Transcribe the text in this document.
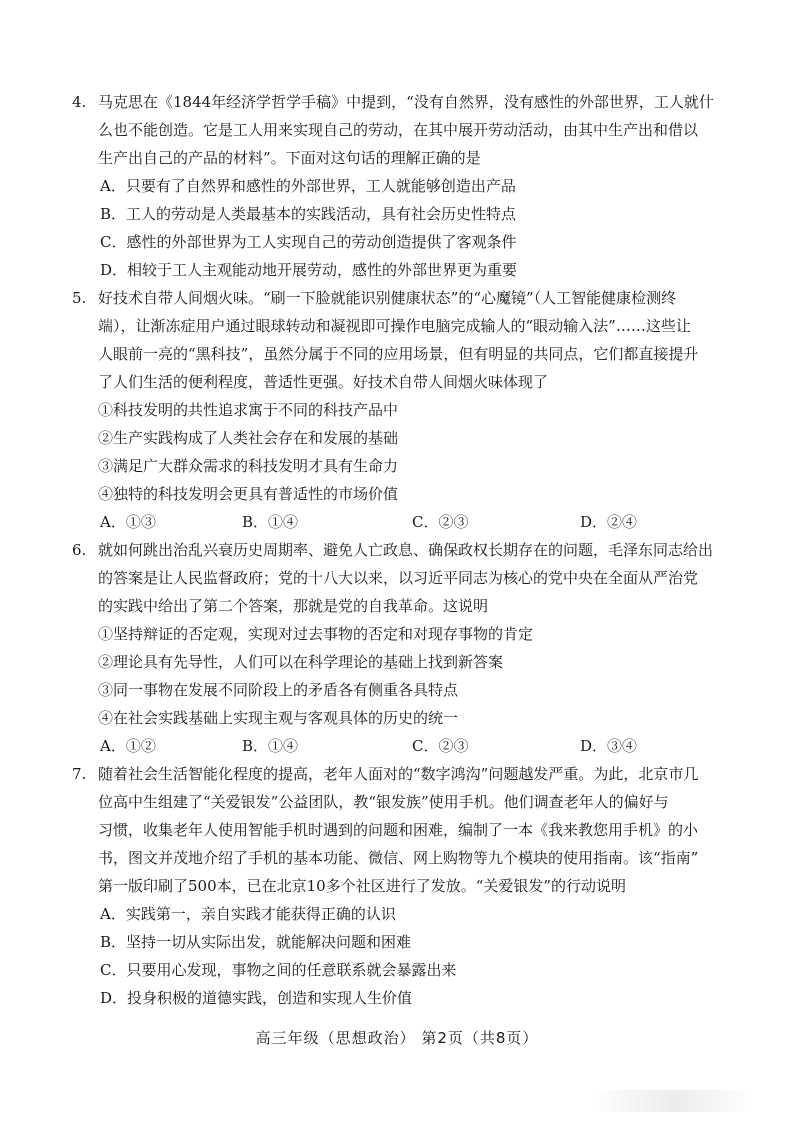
4. 马克思在《1844年经济学哲学手稿》中提到，“没有自然界，没有感性的外部世界，工人就什
么也不能创造。它是工人用来实现自己的劳动，在其中展开劳动活动，由其中生产出和借以
生产出自己的产品的材料”。下面对这句话的理解正确的是
A．只要有了自然界和感性的外部世界，工人就能够创造出产品
B．工人的劳动是人类最基本的实践活动，具有社会历史性特点
C．感性的外部世界为工人实现自己的劳动创造提供了客观条件
D．相较于工人主观能动地开展劳动，感性的外部世界更为重要
5. 好技术自带人间烟火味。“刷一下脸就能识别健康状态”的“心魔镜”（人工智能健康检测终
端），让渐冻症用户通过眼球转动和凝视即可操作电脑完成输人的“眼动输入法”……这些让
人眼前一亮的“黑科技”，虽然分属于不同的应用场景，但有明显的共同点，它们都直接提升
了人们生活的便利程度，普适性更强。好技术自带人间烟火味体现了
①科技发明的共性追求寓于不同的科技产品中
②生产实践构成了人类社会存在和发展的基础
③满足广大群众需求的科技发明才具有生命力
④独特的科技发明会更具有普适性的市场价值
A．①③	B．①④	C．②③	D．②④
6. 就如何跳出治乱兴衰历史周期率、避免人亡政息、确保政权长期存在的问题，毛泽东同志给出
的答案是让人民监督政府；党的十八大以来，以习近平同志为核心的党中央在全面从严治党
的实践中给出了第二个答案，那就是党的自我革命。这说明
①坚持辩证的否定观，实现对过去事物的否定和对现存事物的肯定
②理论具有先导性，人们可以在科学理论的基础上找到新答案
③同一事物在发展不同阶段上的矛盾各有侧重各具特点
④在社会实践基础上实现主观与客观具体的历史的统一
A．①②	B．①④	C．②③	D．③④
7. 随着社会生活智能化程度的提高，老年人面对的“数字鸿沟”问题越发严重。为此，北京市几
位高中生组建了“关爱银发”公益团队，教“银发族”使用手机。他们调查老年人的偏好与
习惯，收集老年人使用智能手机时遇到的问题和困难，编制了一本《我来教您用手机》的小
书，图文并茂地介绍了手机的基本功能、微信、网上购物等九个模块的使用指南。该“指南”
第一版印刷了500本，已在北京10多个社区进行了发放。“关爱银发”的行动说明
A．实践第一，亲自实践才能获得正确的认识
B．坚持一切从实际出发，就能解决问题和困难
C．只要用心发现，事物之间的任意联系就会暴露出来
D．投身积极的道德实践，创造和实现人生价值
高三年级（思想政治） 第2页（共8页）
